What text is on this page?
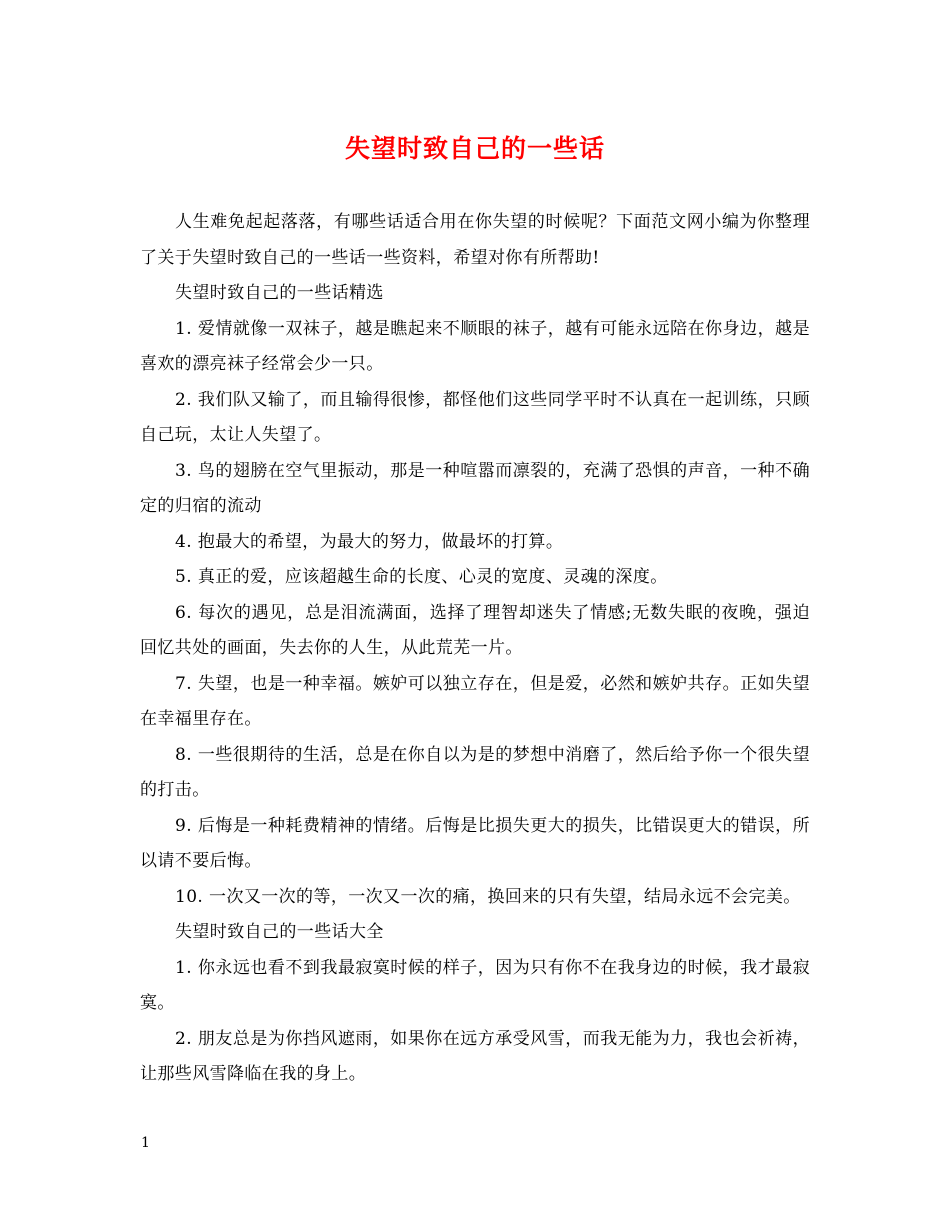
失望时致自己的一些话

人生难免起起落落，有哪些话适合用在你失望的时候呢？下面范文网小编为你整理了关于失望时致自己的一些话一些资料，希望对你有所帮助!

失望时致自己的一些话精选

1. 爱情就像一双袜子，越是瞧起来不顺眼的袜子，越有可能永远陪在你身边，越是喜欢的漂亮袜子经常会少一只。

2. 我们队又输了，而且输得很惨，都怪他们这些同学平时不认真在一起训练，只顾自己玩，太让人失望了。

3. 鸟的翅膀在空气里振动，那是一种喧嚣而凛裂的，充满了恐惧的声音，一种不确定的归宿的流动

4. 抱最大的希望，为最大的努力，做最坏的打算。

5. 真正的爱，应该超越生命的长度、心灵的宽度、灵魂的深度。

6. 每次的遇见，总是泪流满面，选择了理智却迷失了情感;无数失眠的夜晚，强迫回忆共处的画面，失去你的人生，从此荒芜一片。

7. 失望，也是一种幸福。嫉妒可以独立存在，但是爱，必然和嫉妒共存。正如失望在幸福里存在。

8. 一些很期待的生活，总是在你自以为是的梦想中消磨了，然后给予你一个很失望的打击。

9. 后悔是一种耗费精神的情绪。后悔是比损失更大的损失，比错误更大的错误，所以请不要后悔。

10. 一次又一次的等，一次又一次的痛，换回来的只有失望，结局永远不会完美。

失望时致自己的一些话大全

1. 你永远也看不到我最寂寞时候的样子，因为只有你不在我身边的时候，我才最寂寞。

2. 朋友总是为你挡风遮雨，如果你在远方承受风雪，而我无能为力，我也会祈祷，让那些风雪降临在我的身上。

1
